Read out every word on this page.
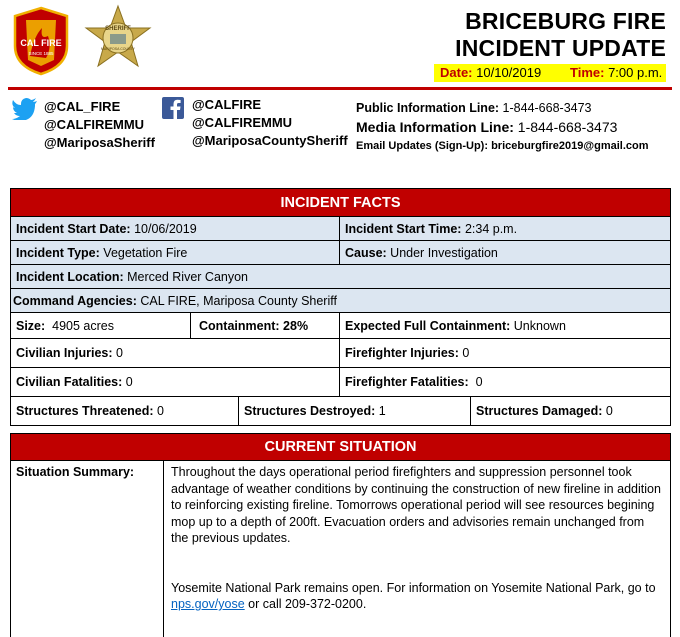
CAL FIRE
SINCE 1885
SHERIFF
MARIPOSA COUNTY
BRICEBURG FIRE
INCIDENT UPDATE
Date: 10/10/2019 Time: 7:00 p.m.
@CAL_FIRE
@CALFIREMMU
@MariposaSheriff
@CALFIRE
@CALFIREMMU
@MariposaCountySheriff
Public Information Line: 1-844-668-3473
Media Information Line: 1-844-668-3473
Email Updates (Sign-Up): briceburgfire2019@gmail.com
INCIDENT FACTS				
Incident Start Date: 10/06/2019			Incident Start Time: 2:34 p.m.	
Incident Type: Vegetation Fire			Cause: Under Investigation	
Incident Location: Merced River Canyon				
Command Agencies: CAL FIRE, Mariposa County Sheriff				
Size: 4905 acres	Containment: 28%		Expected Full Containment: Unknown	
Civilian Injuries: 0			Firefighter Injuries: 0	
Civilian Fatalities: 0			Firefighter Fatalities: 0	
Structures Threatened: 0		Structures Destroyed: 1		Structures Damaged: 0
CURRENT SITUATION
Situation Summary:	Throughout the days operational period firefighters and suppression personnel took advantage of weather conditions by continuing the construction of new fireline in addition to reinforcing existing fireline. Tomorrows operational period will see resources begining mop up to a depth of 200ft. Evacuation orders and advisories remain unchanged from the previous updates.
Yosemite National Park remains open. For information on Yosemite National Park, go to nps.gov/yose or call 209-372-0200.
